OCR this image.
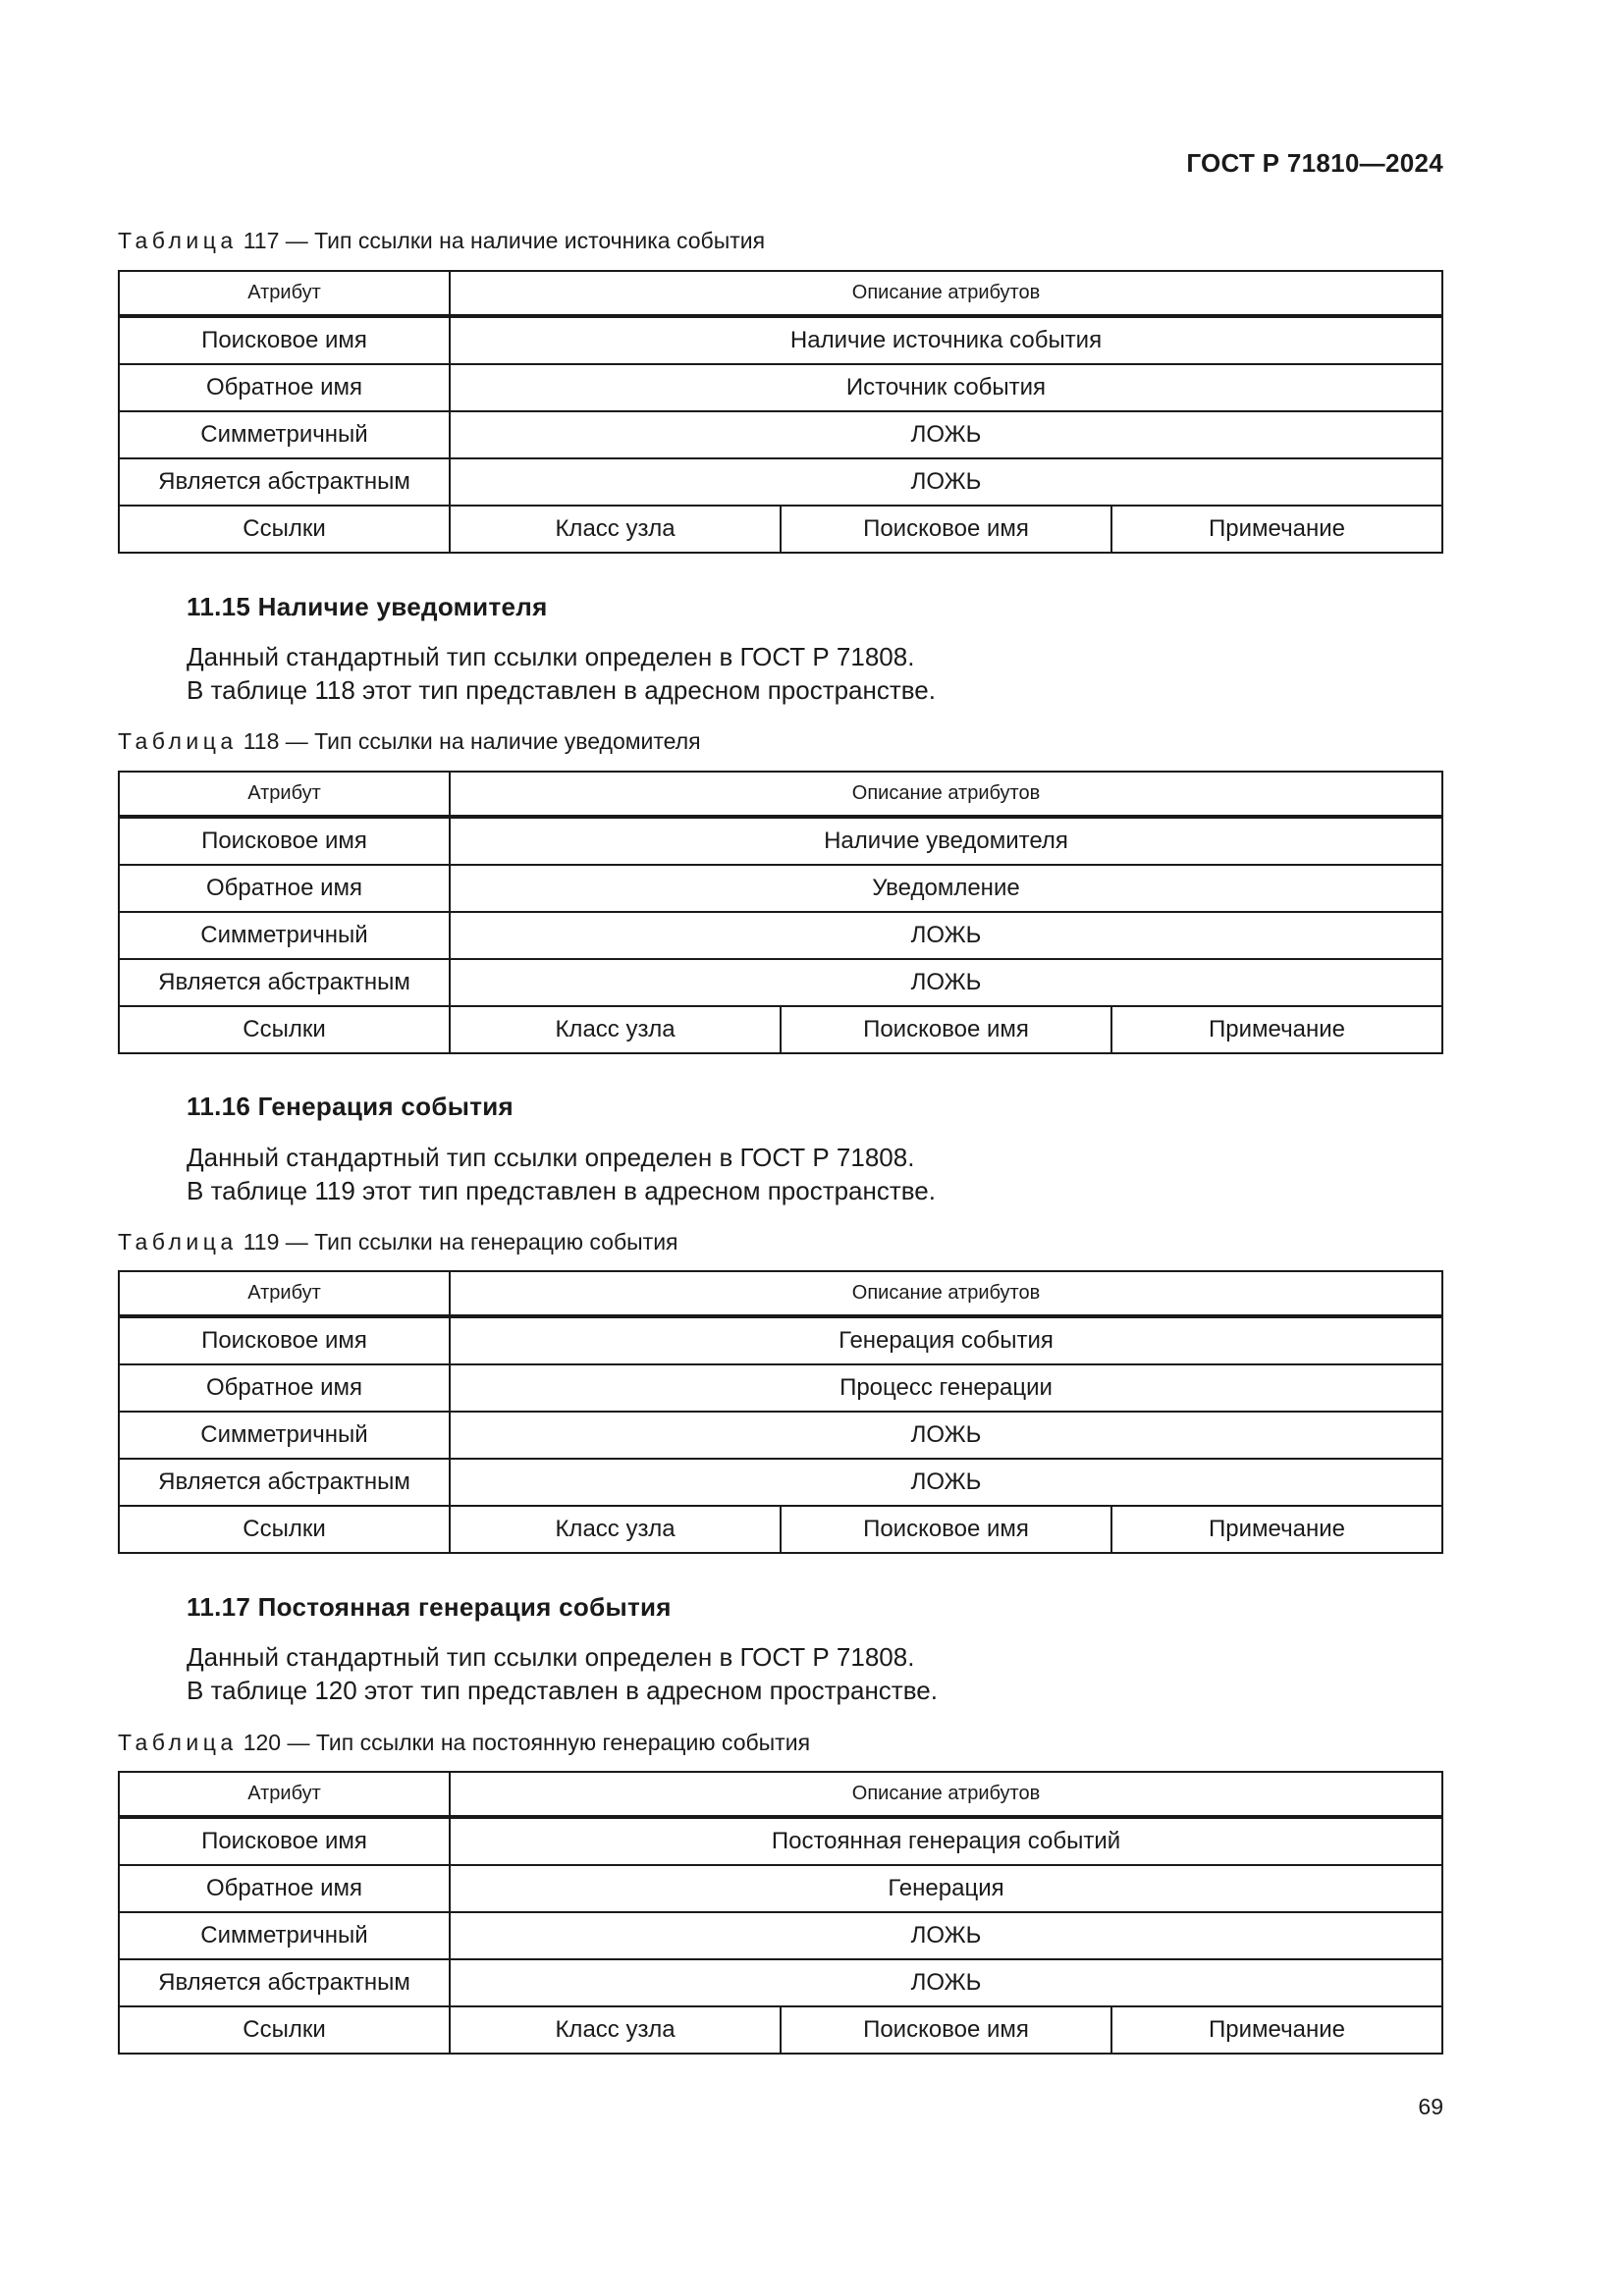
ГОСТ Р 71810—2024
Таблица 117 — Тип ссылки на наличие источника события
Атрибут	Описание атрибутов		
Поисковое имя	Наличие источника события		
Обратное имя	Источник события		
Симметричный	ЛОЖЬ		
Является абстрактным	ЛОЖЬ		
Ссылки	Класс узла	Поисковое имя	Примечание
11.15 Наличие уведомителя
Данный стандартный тип ссылки определен в ГОСТ Р 71808.
В таблице 118 этот тип представлен в адресном пространстве.
Таблица 118 — Тип ссылки на наличие уведомителя
Атрибут	Описание атрибутов		
Поисковое имя	Наличие уведомителя		
Обратное имя	Уведомление		
Симметричный	ЛОЖЬ		
Является абстрактным	ЛОЖЬ		
Ссылки	Класс узла	Поисковое имя	Примечание
11.16 Генерация события
Данный стандартный тип ссылки определен в ГОСТ Р 71808.
В таблице 119 этот тип представлен в адресном пространстве.
Таблица 119 — Тип ссылки на генерацию события
Атрибут	Описание атрибутов		
Поисковое имя	Генерация события		
Обратное имя	Процесс генерации		
Симметричный	ЛОЖЬ		
Является абстрактным	ЛОЖЬ		
Ссылки	Класс узла	Поисковое имя	Примечание
11.17 Постоянная генерация события
Данный стандартный тип ссылки определен в ГОСТ Р 71808.
В таблице 120 этот тип представлен в адресном пространстве.
Таблица 120 — Тип ссылки на постоянную генерацию события
Атрибут	Описание атрибутов		
Поисковое имя	Постоянная генерация событий		
Обратное имя	Генерация		
Симметричный	ЛОЖЬ		
Является абстрактным	ЛОЖЬ		
Ссылки	Класс узла	Поисковое имя	Примечание
69
